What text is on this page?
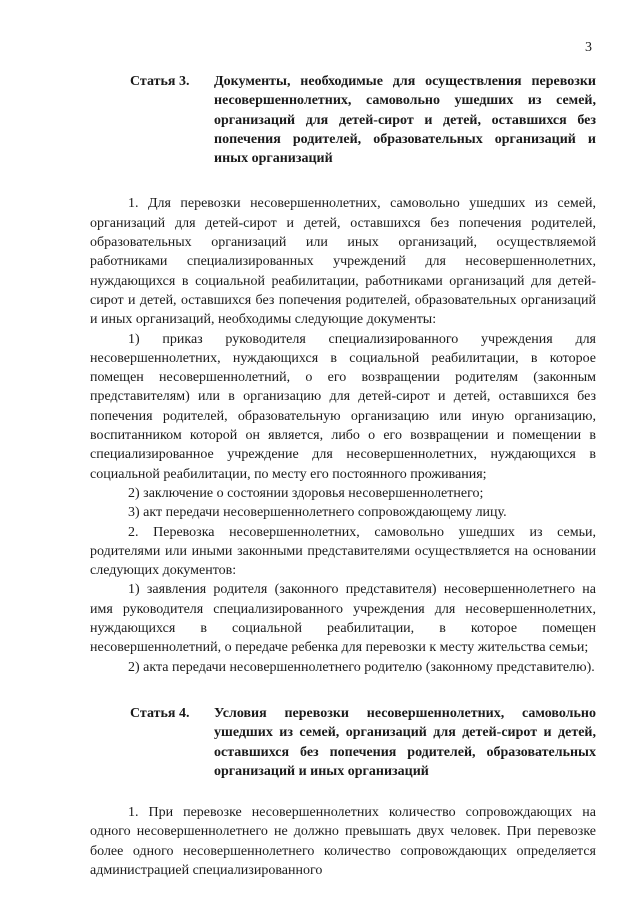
3
Статья 3.	Документы, необходимые для осуществления перевозки несовершеннолетних, самовольно ушедших из семей, организаций для детей-сирот и детей, оставшихся без попечения родителей, образовательных организаций и иных организаций

1. Для перевозки несовершеннолетних, самовольно ушедших из семей, организаций для детей-сирот и детей, оставшихся без попечения родителей, образовательных организаций или иных организаций, осуществляемой работниками специализированных учреждений для несовершеннолетних, нуждающихся в социальной реабилитации, работниками организаций для детей-сирот и детей, оставшихся без попечения родителей, образовательных организаций и иных организаций, необходимы следующие документы:

1) приказ руководителя специализированного учреждения для несовершеннолетних, нуждающихся в социальной реабилитации, в которое помещен несовершеннолетний, о его возвращении родителям (законным представителям) или в организацию для детей-сирот и детей, оставшихся без попечения родителей, образовательную организацию или иную организацию, воспитанником которой он является, либо о его возвращении и помещении в специализированное учреждение для несовершеннолетних, нуждающихся в социальной реабилитации, по месту его постоянного проживания;

2) заключение о состоянии здоровья несовершеннолетнего;

3) акт передачи несовершеннолетнего сопровождающему лицу.

2. Перевозка несовершеннолетних, самовольно ушедших из семьи, родителями или иными законными представителями осуществляется на основании следующих документов:

1) заявления родителя (законного представителя) несовершеннолетнего на имя руководителя специализированного учреждения для несовершеннолетних, нуждающихся в социальной реабилитации, в которое помещен несовершеннолетний, о передаче ребенка для перевозки к месту жительства семьи;

2) акта передачи несовершеннолетнего родителю (законному представителю).

Статья 4.	Условия перевозки несовершеннолетних, самовольно ушедших из семей, организаций для детей-сирот и детей, оставшихся без попечения родителей, образовательных организаций и иных организаций

1. При перевозке несовершеннолетних количество сопровождающих на одного несовершеннолетнего не должно превышать двух человек. При перевозке более одного несовершеннолетнего количество сопровождающих определяется администрацией специализированного
